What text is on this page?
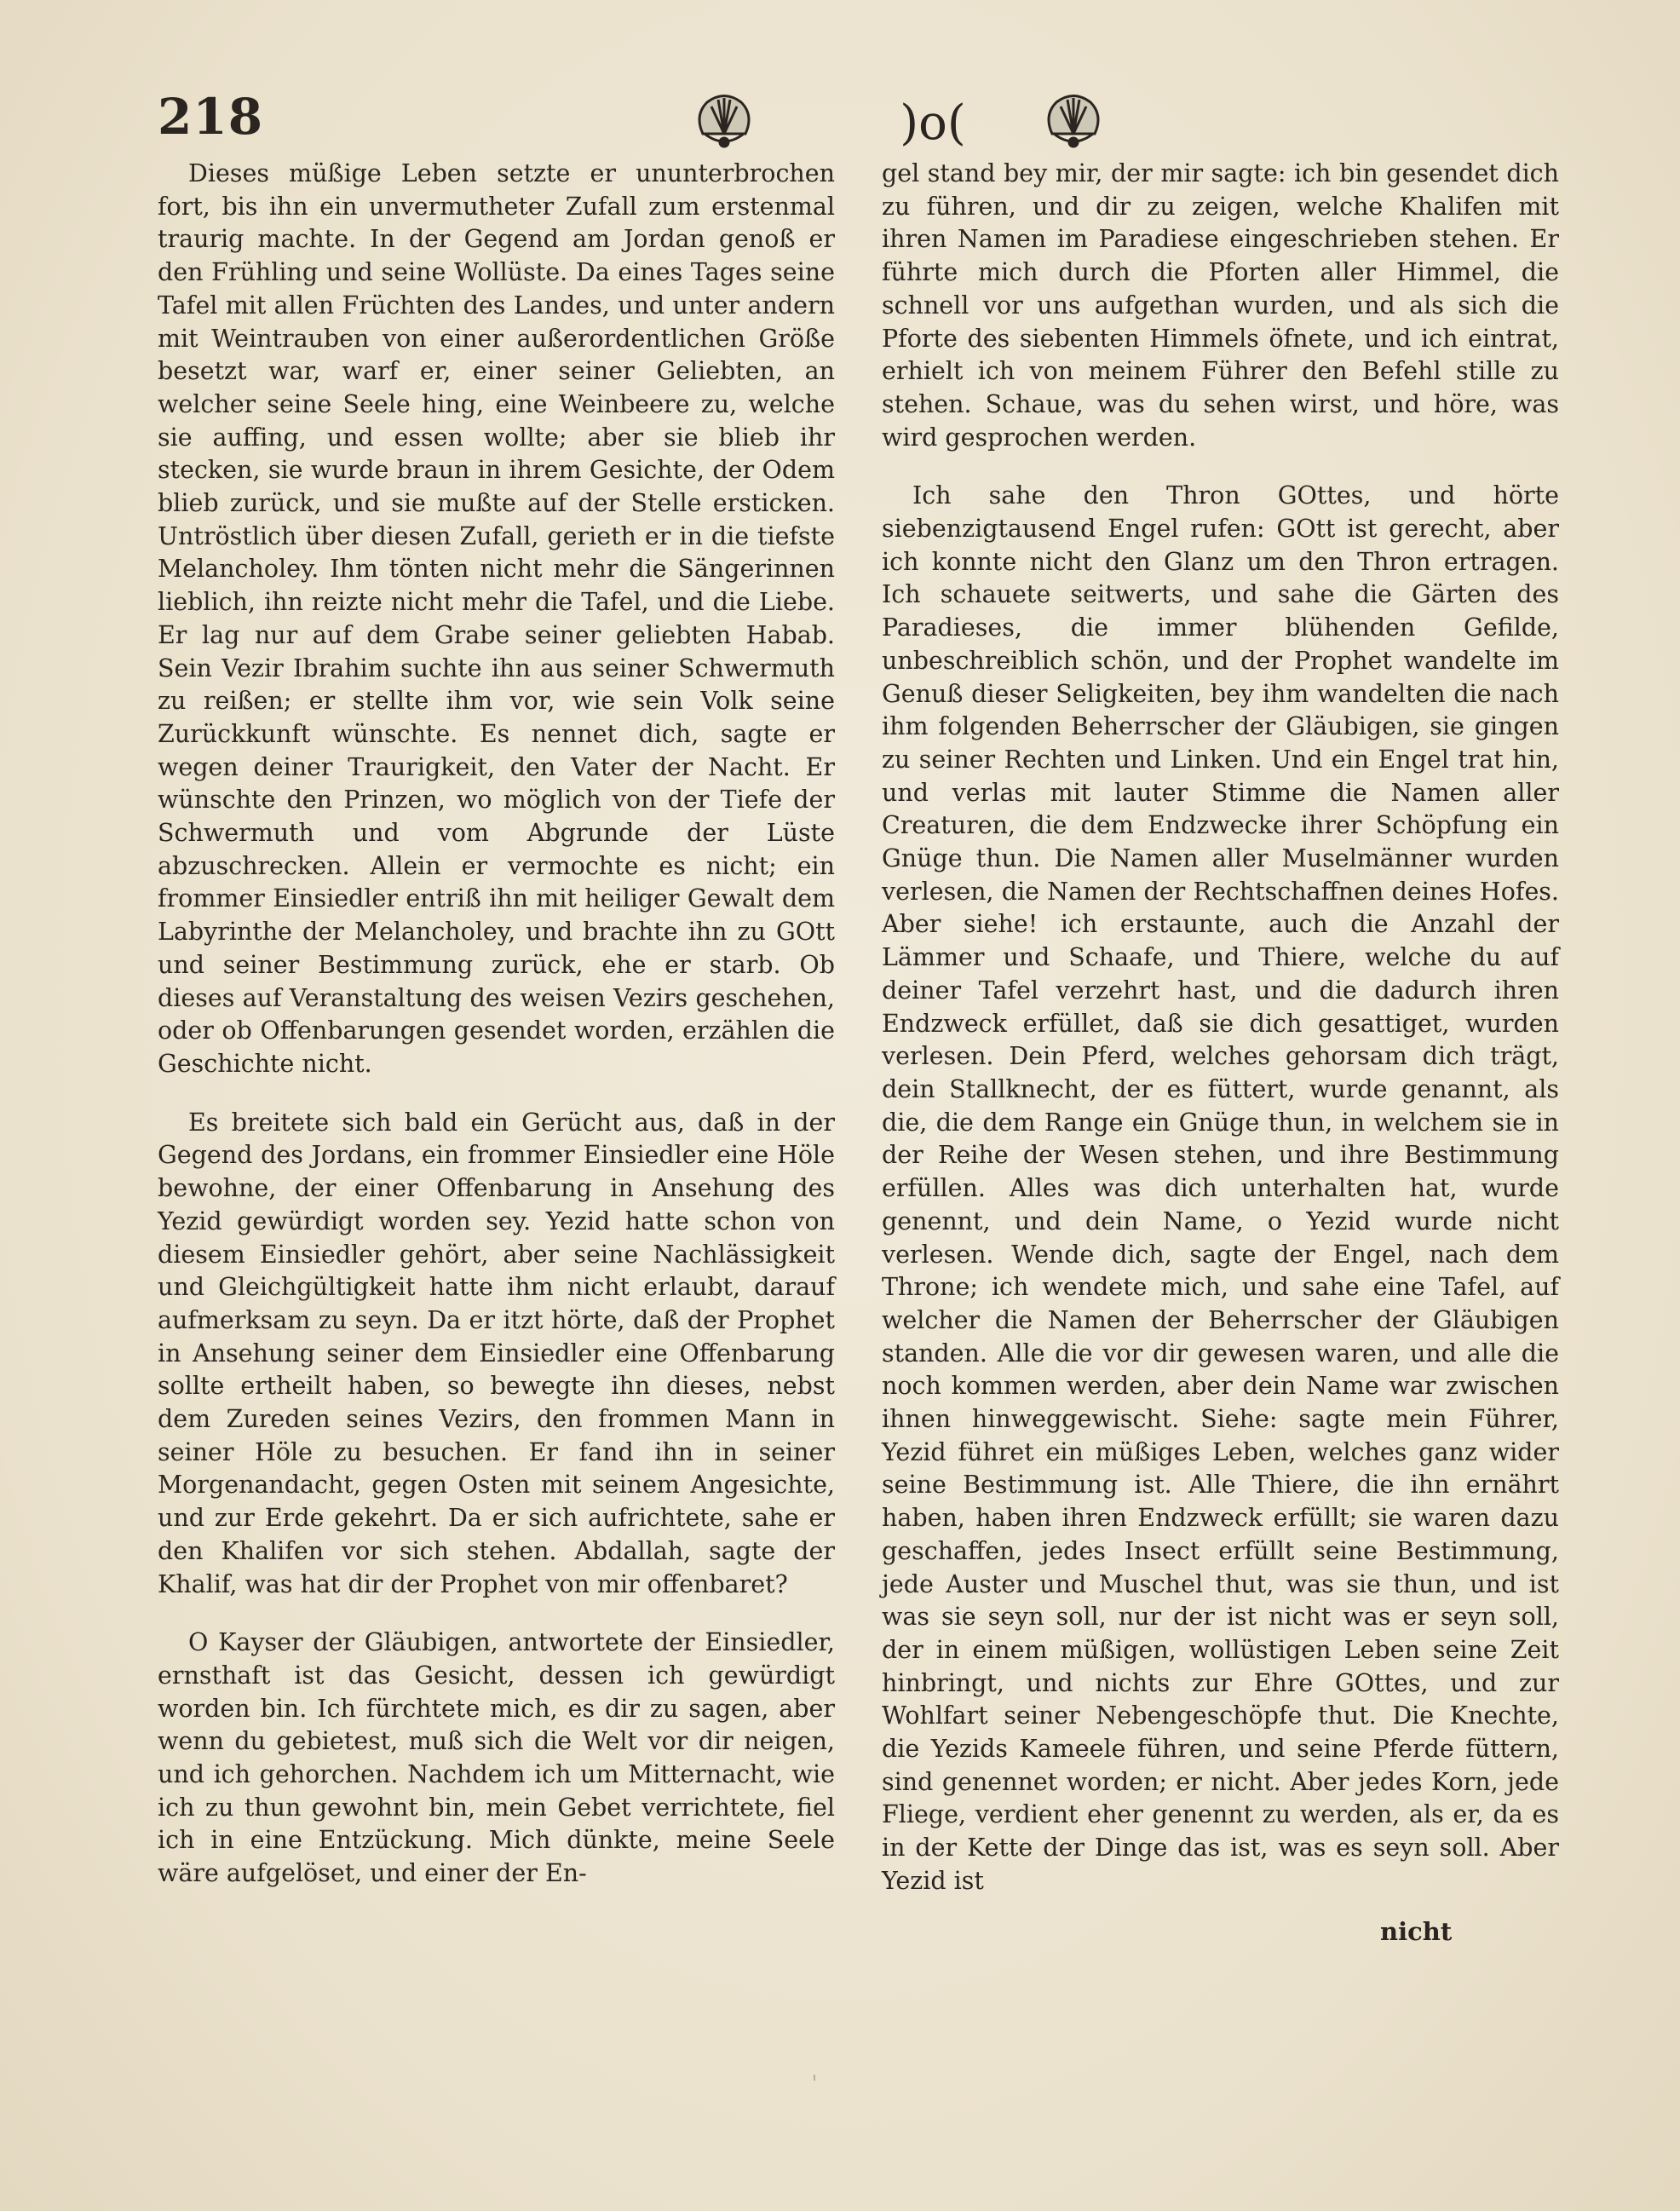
218	)o(

Dieses müßige Leben setzte er ununterbrochen fort, bis ihn ein unvermutheter Zufall zum erstenmal traurig machte. In der Gegend am Jordan genoß er den Frühling und seine Wollüste. Da eines Tages seine Tafel mit allen Früchten des Landes, und unter andern mit Weintrauben von einer außerordentlichen Größe besetzt war, warf er, einer seiner Geliebten, an welcher seine Seele hing, eine Weinbeere zu, welche sie auffing, und essen wollte; aber sie blieb ihr stecken, sie wurde braun in ihrem Gesichte, der Odem blieb zurück, und sie mußte auf der Stelle ersticken. Untröstlich über diesen Zufall, gerieth er in die tiefste Melancholey. Ihm tönten nicht mehr die Sängerinnen lieblich, ihn reizte nicht mehr die Tafel, und die Liebe. Er lag nur auf dem Grabe seiner geliebten Habab. Sein Vezir Ibrahim suchte ihn aus seiner Schwermuth zu reißen; er stellte ihm vor, wie sein Volk seine Zurückkunft wünschte. Es nennet dich, sagte er wegen deiner Traurigkeit, den Vater der Nacht. Er wünschte den Prinzen, wo möglich von der Tiefe der Schwermuth und vom Abgrunde der Lüste abzuschrecken. Allein er vermochte es nicht; ein frommer Einsiedler entriß ihn mit heiliger Gewalt dem Labyrinthe der Melancholey, und brachte ihn zu GOtt und seiner Bestimmung zurück, ehe er starb. Ob dieses auf Veranstaltung des weisen Vezirs geschehen, oder ob Offenbarungen gesendet worden, erzählen die Geschichte nicht.

Es breitete sich bald ein Gerücht aus, daß in der Gegend des Jordans, ein frommer Einsiedler eine Höle bewohne, der einer Offenbarung in Ansehung des Yezid gewürdigt worden sey. Yezid hatte schon von diesem Einsiedler gehört, aber seine Nachlässigkeit und Gleichgültigkeit hatte ihm nicht erlaubt, darauf aufmerksam zu seyn. Da er itzt hörte, daß der Prophet in Ansehung seiner dem Einsiedler eine Offenbarung sollte ertheilt haben, so bewegte ihn dieses, nebst dem Zureden seines Vezirs, den frommen Mann in seiner Höle zu besuchen. Er fand ihn in seiner Morgenandacht, gegen Osten mit seinem Angesichte, und zur Erde gekehrt. Da er sich aufrichtete, sahe er den Khalifen vor sich stehen. Abdallah, sagte der Khalif, was hat dir der Prophet von mir offenbaret?

O Kayser der Gläubigen, antwortete der Einsiedler, ernsthaft ist das Gesicht, dessen ich gewürdigt worden bin. Ich fürchtete mich, es dir zu sagen, aber wenn du gebietest, muß sich die Welt vor dir neigen, und ich gehorchen. Nachdem ich um Mitternacht, wie ich zu thun gewohnt bin, mein Gebet verrichtete, fiel ich in eine Entzückung. Mich dünkte, meine Seele wäre aufgelöset, und einer der En-

gel stand bey mir, der mir sagte: ich bin gesendet dich zu führen, und dir zu zeigen, welche Khalifen mit ihren Namen im Paradiese eingeschrieben stehen. Er führte mich durch die Pforten aller Himmel, die schnell vor uns aufgethan wurden, und als sich die Pforte des siebenten Himmels öfnete, und ich eintrat, erhielt ich von meinem Führer den Befehl stille zu stehen. Schaue, was du sehen wirst, und höre, was wird gesprochen werden.

Ich sahe den Thron GOttes, und hörte siebenzigtausend Engel rufen: GOtt ist gerecht, aber ich konnte nicht den Glanz um den Thron ertragen. Ich schauete seitwerts, und sahe die Gärten des Paradieses, die immer blühenden Gefilde, unbeschreiblich schön, und der Prophet wandelte im Genuß dieser Seligkeiten, bey ihm wandelten die nach ihm folgenden Beherrscher der Gläubigen, sie gingen zu seiner Rechten und Linken. Und ein Engel trat hin, und verlas mit lauter Stimme die Namen aller Creaturen, die dem Endzwecke ihrer Schöpfung ein Gnüge thun. Die Namen aller Muselmänner wurden verlesen, die Namen der Rechtschaffnen deines Hofes. Aber siehe! ich erstaunte, auch die Anzahl der Lämmer und Schaafe, und Thiere, welche du auf deiner Tafel verzehrt hast, und die dadurch ihren Endzweck erfüllet, daß sie dich gesattiget, wurden verlesen. Dein Pferd, welches gehorsam dich trägt, dein Stallknecht, der es füttert, wurde genannt, als die, die dem Range ein Gnüge thun, in welchem sie in der Reihe der Wesen stehen, und ihre Bestimmung erfüllen. Alles was dich unterhalten hat, wurde genennt, und dein Name, o Yezid wurde nicht verlesen. Wende dich, sagte der Engel, nach dem Throne; ich wendete mich, und sahe eine Tafel, auf welcher die Namen der Beherrscher der Gläubigen standen. Alle die vor dir gewesen waren, und alle die noch kommen werden, aber dein Name war zwischen ihnen hinweggewischt. Siehe: sagte mein Führer, Yezid führet ein müßiges Leben, welches ganz wider seine Bestimmung ist. Alle Thiere, die ihn ernährt haben, haben ihren Endzweck erfüllt; sie waren dazu geschaffen, jedes Insect erfüllt seine Bestimmung, jede Auster und Muschel thut, was sie thun, und ist was sie seyn soll, nur der ist nicht was er seyn soll, der in einem müßigen, wollüstigen Leben seine Zeit hinbringt, und nichts zur Ehre GOttes, und zur Wohlfart seiner Nebengeschöpfe thut. Die Knechte, die Yezids Kameele führen, und seine Pferde füttern, sind genennet worden; er nicht. Aber jedes Korn, jede Fliege, verdient eher genennt zu werden, als er, da es in der Kette der Dinge das ist, was es seyn soll. Aber Yezid ist

nicht
